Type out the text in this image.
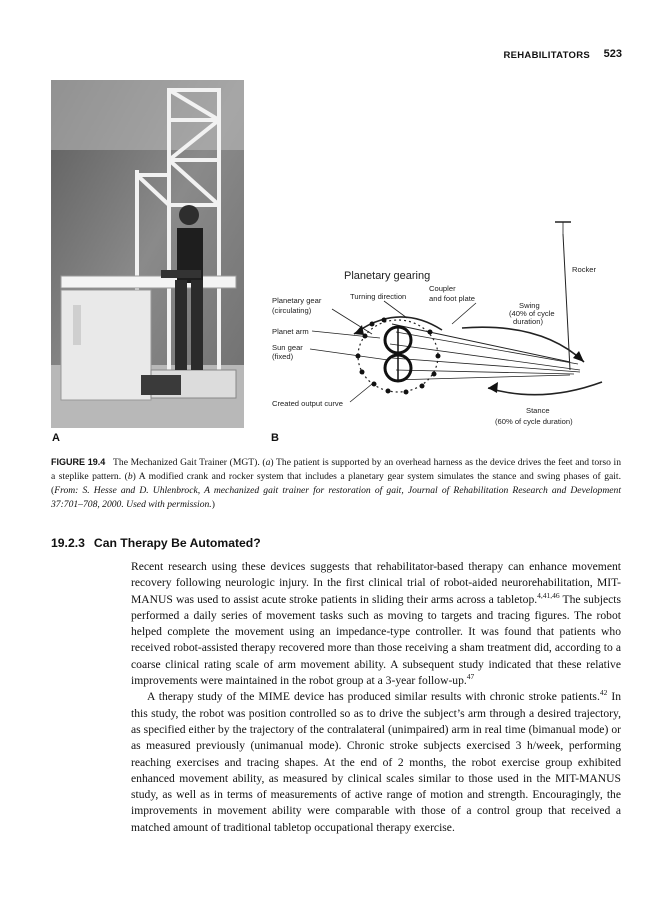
REHABILITATORS 523
Planetary gearing
Planetary gear
(circulating)
Turning direction
Coupler
and foot plate
Swing
(40% of cycle
duration)
Rocker
Planet arm
Sun gear
(fixed)
Created output curve
Stance
(60% of cycle duration)
A	B
FIGURE 19.4 The Mechanized Gait Trainer (MGT). (a) The patient is supported by an overhead harness as the device drives the feet and torso in a steplike pattern. (b) A modified crank and rocker system that includes a planetary gear system simulates the stance and swing phases of gait. (From: S. Hesse and D. Uhlenbrock, A mechanized gait trainer for restoration of gait, Journal of Rehabilitation Research and Development 37:701–708, 2000. Used with permission.)
19.2.3 Can Therapy Be Automated?

Recent research using these devices suggests that rehabilitator-based therapy can enhance movement recovery following neurologic injury. In the first clinical trial of robot-aided neurorehabilitation, MIT-MANUS was used to assist acute stroke patients in sliding their arms across a tabletop.$^{4,41,46}$ The subjects performed a daily series of movement tasks such as moving to targets and tracing figures. The robot helped complete the movement using an impedance-type controller. It was found that patients who received robot-assisted therapy recovered more than those receiving a sham treatment did, according to a coarse clinical rating scale of arm movement ability. A subsequent study indicated that these relative improvements were maintained in the robot group at a 3-year follow-up.$^{47}$

A therapy study of the MIME device has produced similar results with chronic stroke patients.$^{42}$ In this study, the robot was position controlled so as to drive the subject’s arm through a desired trajectory, as specified either by the trajectory of the contralateral (unimpaired) arm in real time (bimanual mode) or as measured previously (unimanual mode). Chronic stroke subjects exercised 3 h/week, performing reaching exercises and tracing shapes. At the end of 2 months, the robot exercise group exhibited enhanced movement ability, as measured by clinical scales similar to those used in the MIT-MANUS study, as well as in terms of measurements of active range of motion and strength. Encouragingly, the improvements in movement ability were comparable with those of a control group that received a matched amount of traditional tabletop occupational therapy exercise.
